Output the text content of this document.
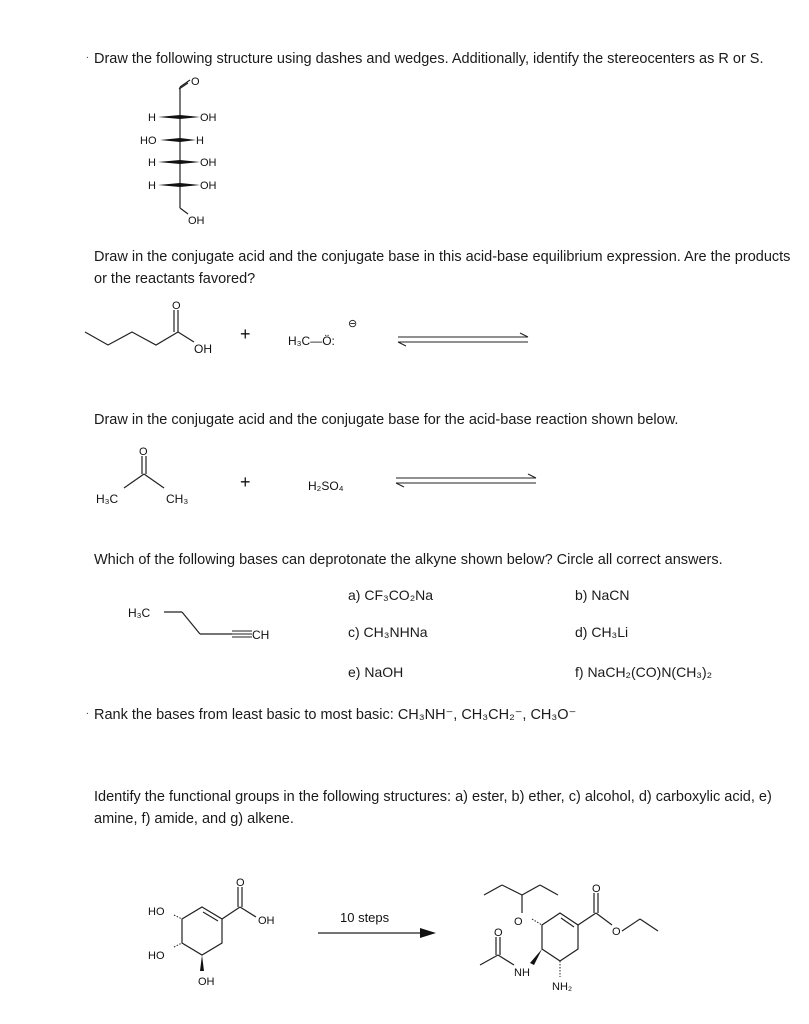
. Draw the following structure using dashes and wedges. Additionally, identify the stereocenters as R or S.
O
OH
H	OH
HO	H
H	OH
H	OH
Draw in the conjugate acid and the conjugate base in this acid-base equilibrium expression. Are the products or the reactants favored?
O
OH
+	H₃C—Ö:
⊖
Draw in the conjugate acid and the conjugate base for the acid-base reaction shown below.
O
H₃C	CH₃
+	H₂SO₄
Which of the following bases can deprotonate the alkyne shown below? Circle all correct answers.
H₃C
CH
a) CF₃CO₂Na	b) NaCN
c) CH₃NHNa	d) CH₃Li
e) NaOH	f) NaCH₂(CO)N(CH₃)₂
. Rank the bases from least basic to most basic: CH₃NH⁻, CH₃CH₂⁻, CH₃O⁻
Identify the functional groups in the following structures: a) ester, b) ether, c) alcohol, d) carboxylic acid, e) amine, f) amide, and g) alkene.
O
OH
HO
HO
OH
10 steps
O
O
O
NH
O
NH₂
